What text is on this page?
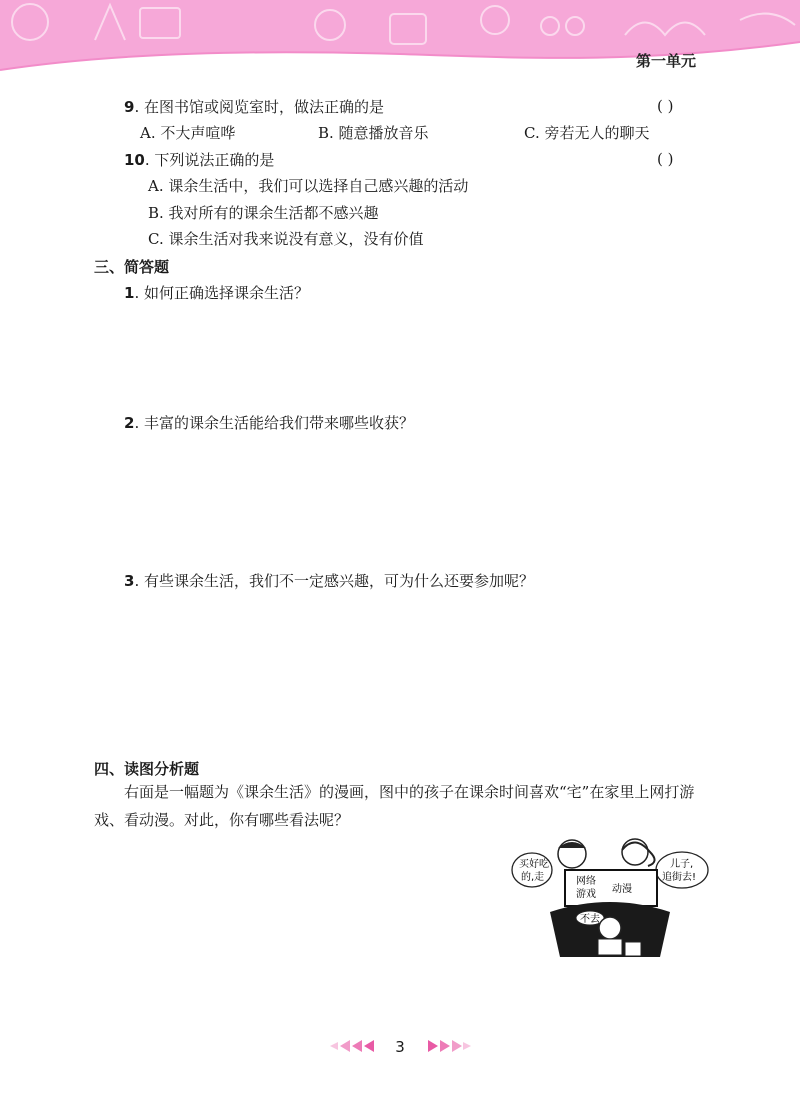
第一单元
9. 在图书馆或阅览室时，做法正确的是	( )
A. 不大声喧哗	B. 随意播放音乐	C. 旁若无人的聊天
10. 下列说法正确的是	( )
A. 课余生活中，我们可以选择自己感兴趣的活动
B. 我对所有的课余生活都不感兴趣
C. 课余生活对我来说没有意义，没有价值
三、简答题
1. 如何正确选择课余生活？
2. 丰富的课余生活能给我们带来哪些收获？
3. 有些课余生活，我们不一定感兴趣，可为什么还要参加呢？
四、读图分析题
右面是一幅题为《课余生活》的漫画，图中的孩子在课余时间喜欢“宅”在家里上网打游戏、看动漫。对此，你有哪些看法呢？
买好吃
的,走
儿子,
追街去!
网络
游戏 动漫
不去
3
